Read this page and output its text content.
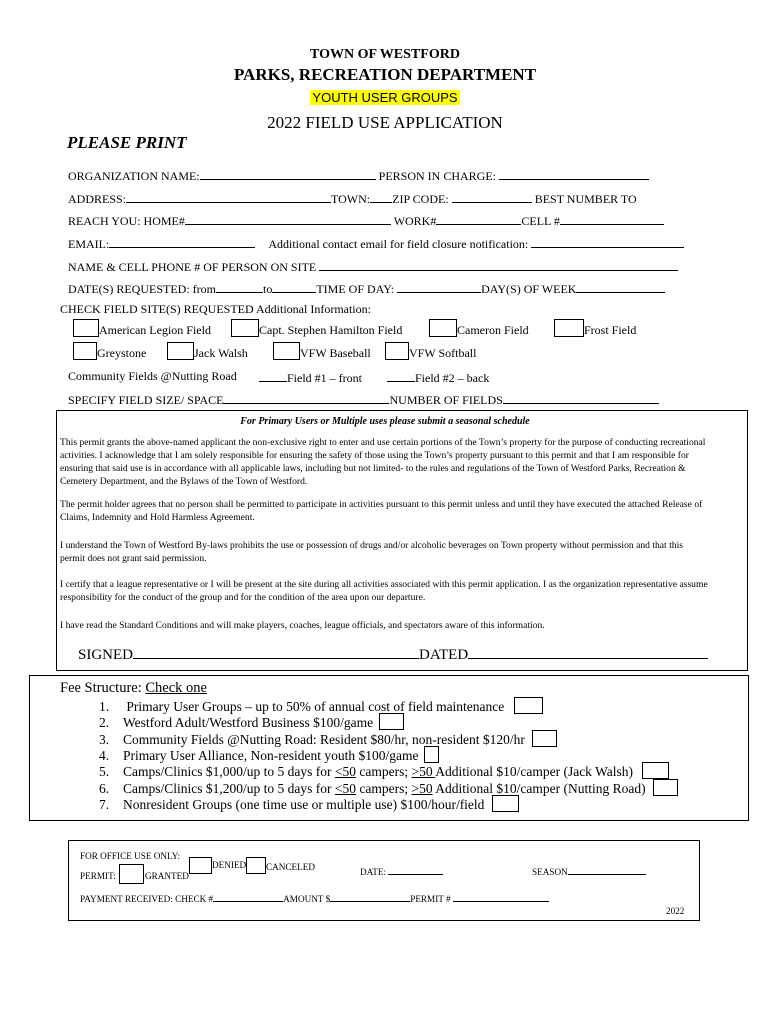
TOWN OF WESTFORD
PARKS, RECREATION DEPARTMENT
YOUTH USER GROUPS
2022 FIELD USE APPLICATION
PLEASE PRINT
ORGANIZATION NAME:	PERSON IN CHARGE:
ADDRESS:	TOWN: ZIP CODE:	BEST NUMBER TO
REACH YOU: HOME#	WORK#	CELL #
EMAIL:	Additional contact email for field closure notification:
NAME & CELL PHONE # OF PERSON ON SITE
DATE(S) REQUESTED: from	to	TIME OF DAY:	DAY(S) OF WEEK
CHECK FIELD SITE(S) REQUESTED Additional Information:
American Legion Field	Capt. Stephen Hamilton Field	Cameron Field	Frost Field
Greystone	Jack Walsh	VFW Baseball	VFW Softball
Community Fields @Nutting Road	Field #1 – front	Field #2 – back
SPECIFY FIELD SIZE/ SPACE	NUMBER OF FIELDS
For Primary Users or Multiple uses please submit a seasonal schedule
This permit grants the above-named applicant the non-exclusive right to enter and use certain portions of the Town’s property for the purpose of conducting recreational activities. I acknowledge that I am solely responsible for ensuring the safety of those using the Town’s property pursuant to this permit and that I am responsible for ensuring that said use is in accordance with all applicable laws, including but not limited- to the rules and regulations of the Town of Westford Parks, Recreation & Cemetery Department, and the Bylaws of the Town of Westford.
The permit holder agrees that no person shall be permitted to participate in activities pursuant to this permit unless and until they have executed the attached Release of Claims, Indemnity and Hold Harmless Agreement.
I understand the Town of Westford By-laws prohibits the use or possession of drugs and/or alcoholic beverages on Town property without permission and that this permit does not grant said permission.
I certify that a league representative or I will be present at the site during all activities associated with this permit application. I as the organization representative assume responsibility for the conduct of the group and for the condition of the area upon our departure.
I have read the Standard Conditions and will make players, coaches, league officials, and spectators aware of this information.
SIGNED	DATED
Fee Structure: Check one
1. Primary User Groups – up to 50% of annual cost of field maintenance
2. Westford Adult/Westford Business $100/game
3. Community Fields @Nutting Road: Resident $80/hr, non-resident $120/hr
4. Primary User Alliance, Non-resident youth $100/game
5. Camps/Clinics $1,000/up to 5 days for <50 campers; >50 Additional $10/camper (Jack Walsh)
6. Camps/Clinics $1,200/up to 5 days for <50 campers; >50 Additional $10/camper (Nutting Road)
7. Nonresident Groups (one time use or multiple use) $100/hour/field
FOR OFFICE USE ONLY:
PERMIT:	GRANTED
DENIED CANCELED	DATE:	SEASON
PAYMENT RECEIVED: CHECK #	AMOUNT $	PERMIT #
2022
